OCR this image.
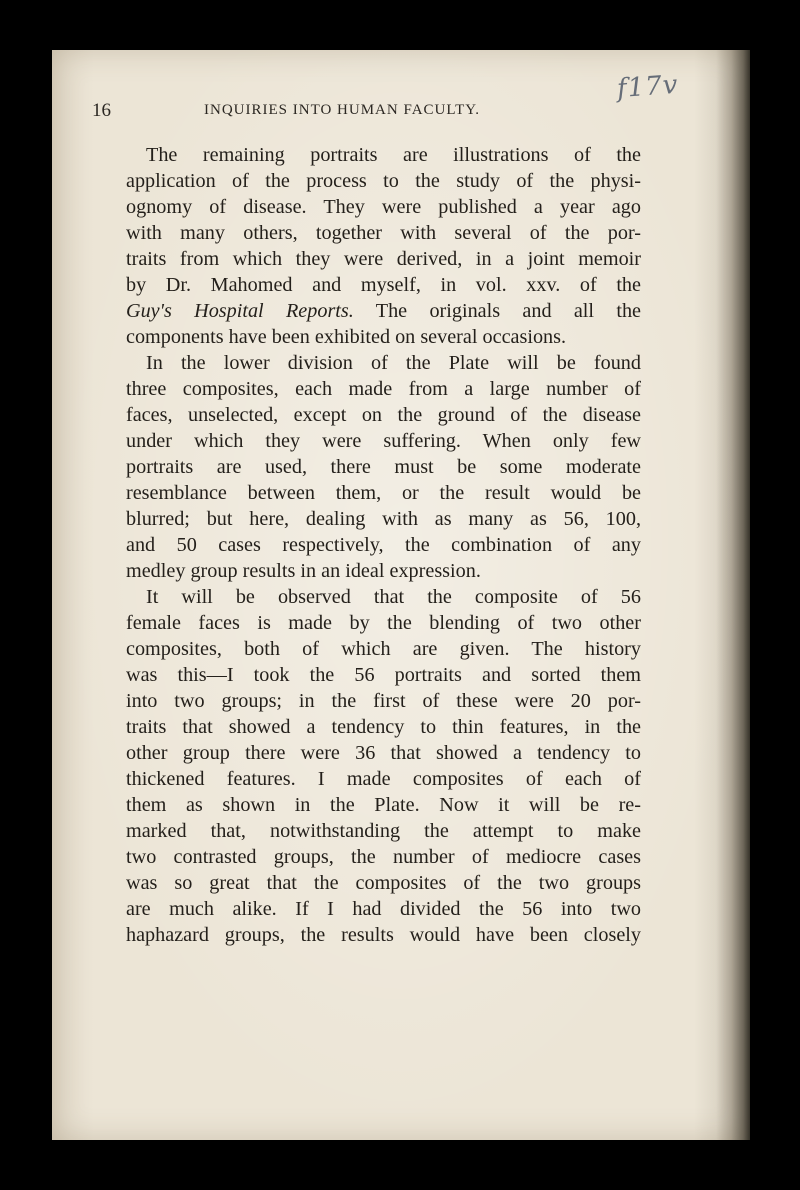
f17v
16	INQUIRIES INTO HUMAN FACULTY.
The remaining portraits are illustrations of the
application of the process to the study of the physi-
ognomy of disease. They were published a year ago
with many others, together with several of the por-
traits from which they were derived, in a joint memoir
by Dr. Mahomed and myself, in vol. xxv. of the
Guy's Hospital Reports. The originals and all the
components have been exhibited on several occasions.
In the lower division of the Plate will be found
three composites, each made from a large number of
faces, unselected, except on the ground of the disease
under which they were suffering. When only few
portraits are used, there must be some moderate
resemblance between them, or the result would be
blurred; but here, dealing with as many as 56, 100,
and 50 cases respectively, the combination of any
medley group results in an ideal expression.
It will be observed that the composite of 56
female faces is made by the blending of two other
composites, both of which are given. The history
was this—I took the 56 portraits and sorted them
into two groups; in the first of these were 20 por-
traits that showed a tendency to thin features, in the
other group there were 36 that showed a tendency to
thickened features. I made composites of each of
them as shown in the Plate. Now it will be re-
marked that, notwithstanding the attempt to make
two contrasted groups, the number of mediocre cases
was so great that the composites of the two groups
are much alike. If I had divided the 56 into two
haphazard groups, the results would have been closely
